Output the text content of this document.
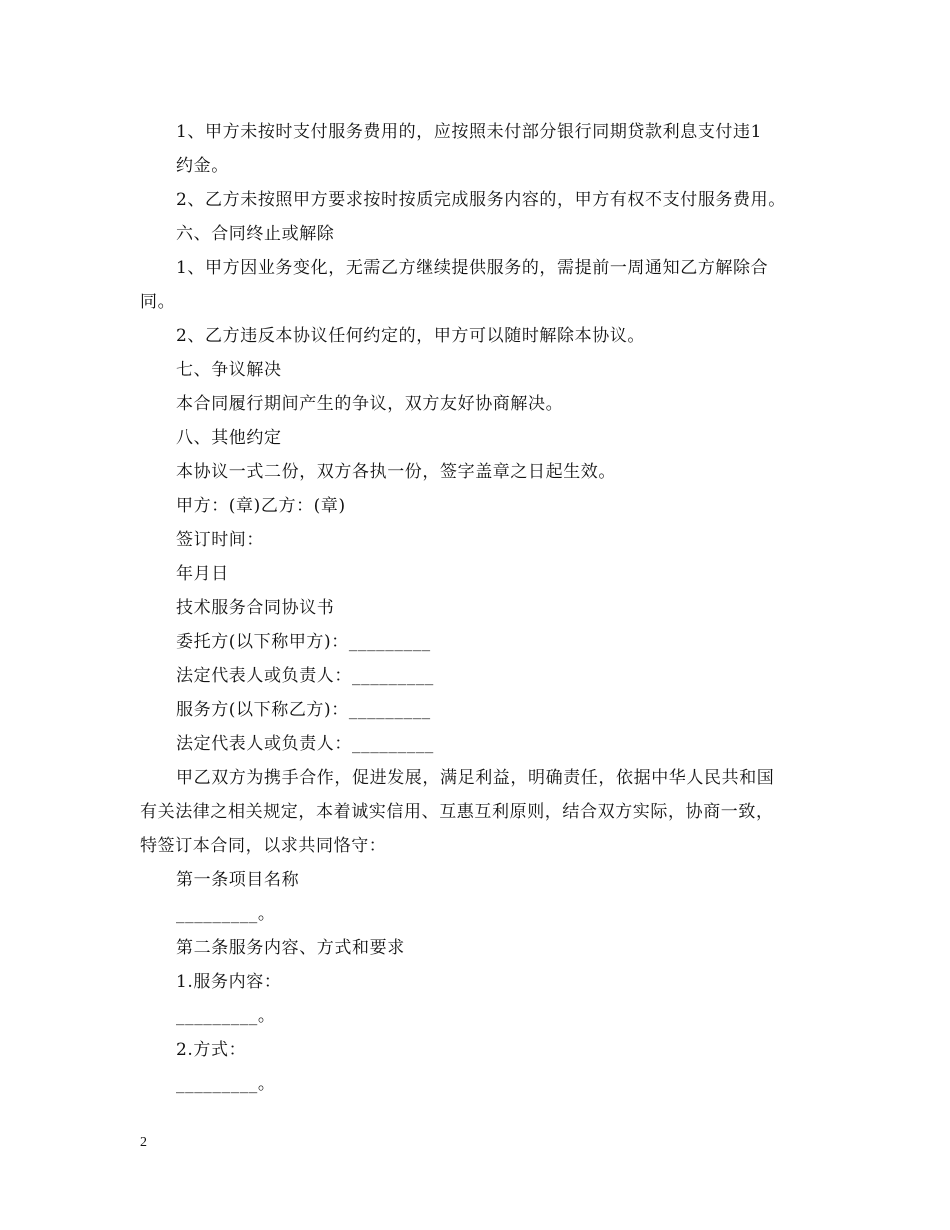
1、甲方未按时支付服务费用的，应按照未付部分银行同期贷款利息支付违1

约金。

2、乙方未按照甲方要求按时按质完成服务内容的，甲方有权不支付服务费用。

六、合同终止或解除

1、甲方因业务变化，无需乙方继续提供服务的，需提前一周通知乙方解除合

同。

2、乙方违反本协议任何约定的，甲方可以随时解除本协议。

七、争议解决

本合同履行期间产生的争议，双方友好协商解决。

八、其他约定

本协议一式二份，双方各执一份，签字盖章之日起生效。

甲方：(章)乙方：(章)

签订时间：

年月日

技术服务合同协议书

委托方(以下称甲方)：_________

法定代表人或负责人：_________

服务方(以下称乙方)：_________

法定代表人或负责人：_________

甲乙双方为携手合作，促进发展，满足利益，明确责任，依据中华人民共和国

有关法律之相关规定，本着诚实信用、互惠互利原则，结合双方实际，协商一致，

特签订本合同，以求共同恪守：

第一条项目名称

_________。

第二条服务内容、方式和要求

1.服务内容：

_________。

2.方式：

_________。

2
